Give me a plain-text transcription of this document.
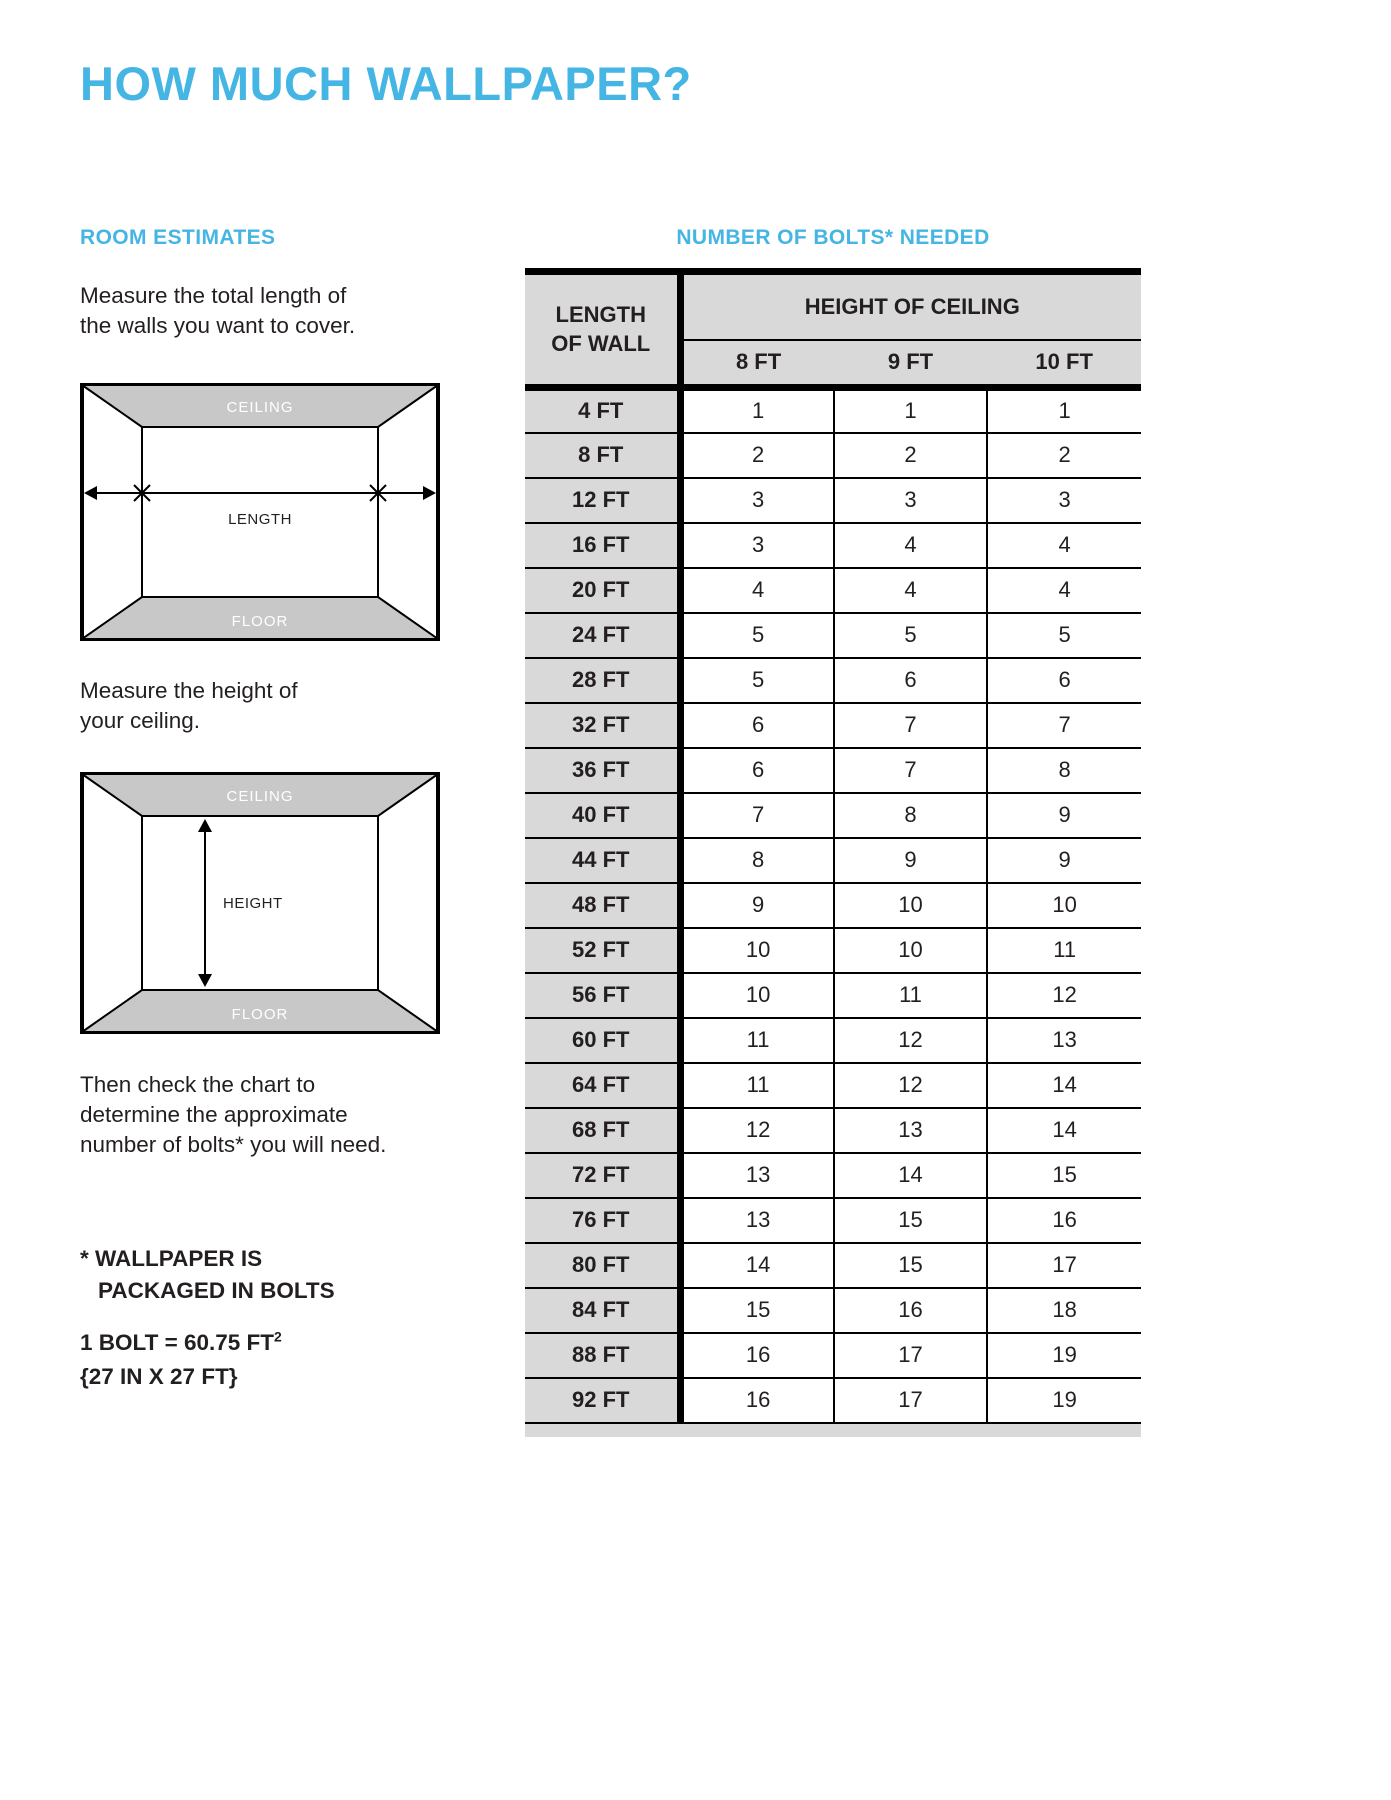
HOW MUCH WALLPAPER?
ROOM ESTIMATES
Measure the total length of
the walls you want to cover.
CEILING
LENGTH
FLOOR
Measure the height of
your ceiling.
CEILING
HEIGHT
FLOOR
Then check the chart to
determine the approximate
number of bolts* you will need.
* WALLPAPER IS
PACKAGED IN BOLTS
1 BOLT = 60.75 $FT^2$
{27 IN X 27 FT}
NUMBER OF BOLTS* NEEDED
LENGTH
OF WALL	HEIGHT OF CEILING		
	8 FT	9 FT	10 FT
4 FT	1	1	1
8 FT	2	2	2
12 FT	3	3	3
16 FT	3	4	4
20 FT	4	4	4
24 FT	5	5	5
28 FT	5	6	6
32 FT	6	7	7
36 FT	6	7	8
40 FT	7	8	9
44 FT	8	9	9
48 FT	9	10	10
52 FT	10	10	11
56 FT	10	11	12
60 FT	11	12	13
64 FT	11	12	14
68 FT	12	13	14
72 FT	13	14	15
76 FT	13	15	16
80 FT	14	15	17
84 FT	15	16	18
88 FT	16	17	19
92 FT	16	17	19
